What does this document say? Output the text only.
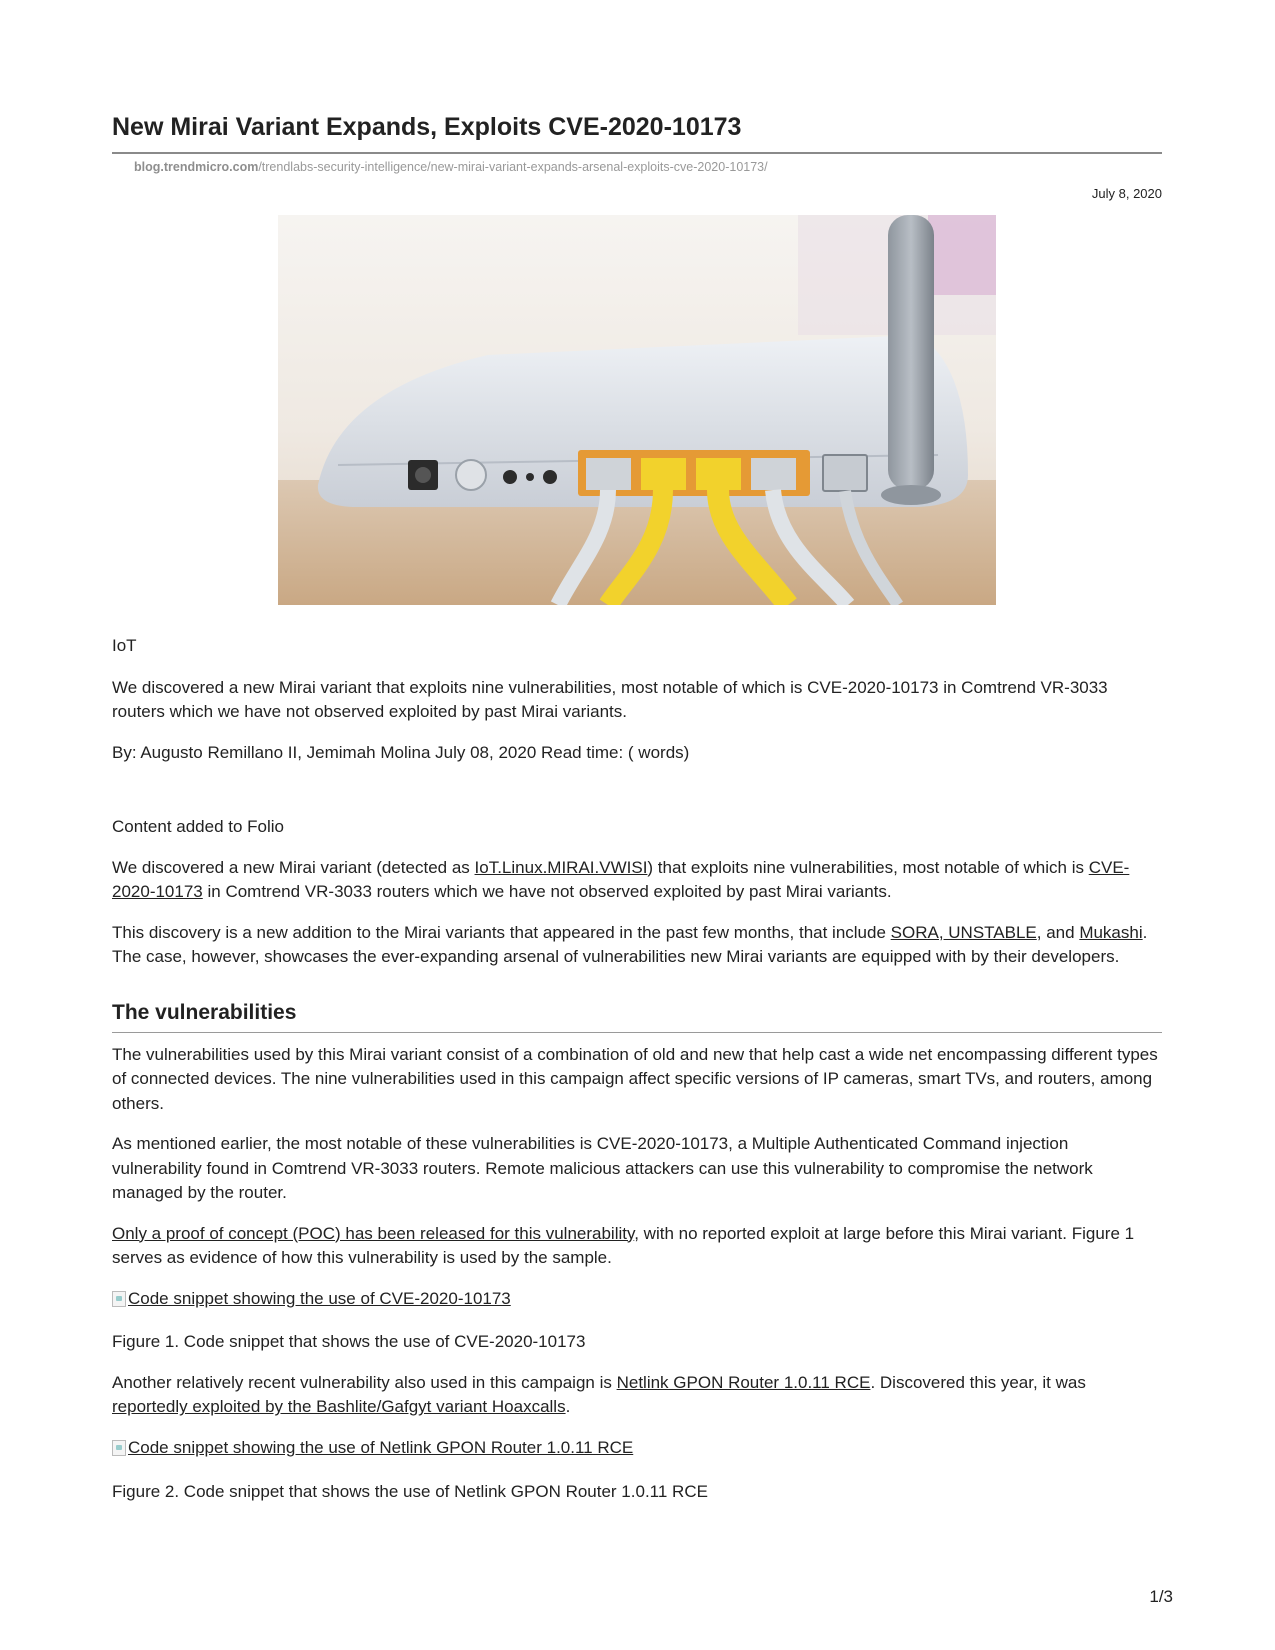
New Mirai Variant Expands, Exploits CVE-2020-10173
blog.trendmicro.com/trendlabs-security-intelligence/new-mirai-variant-expands-arsenal-exploits-cve-2020-10173/
July 8, 2020

IoT

We discovered a new Mirai variant that exploits nine vulnerabilities, most notable of which is CVE-2020-10173 in Comtrend VR-3033 routers which we have not observed exploited by past Mirai variants.

By: Augusto Remillano II, Jemimah Molina July 08, 2020 Read time: ( words)

Content added to Folio

We discovered a new Mirai variant (detected as IoT.Linux.MIRAI.VWISI) that exploits nine vulnerabilities, most notable of which is CVE-2020-10173 in Comtrend VR-3033 routers which we have not observed exploited by past Mirai variants.

This discovery is a new addition to the Mirai variants that appeared in the past few months, that include SORA, UNSTABLE, and Mukashi. The case, however, showcases the ever-expanding arsenal of vulnerabilities new Mirai variants are equipped with by their developers.

The vulnerabilities

The vulnerabilities used by this Mirai variant consist of a combination of old and new that help cast a wide net encompassing different types of connected devices. The nine vulnerabilities used in this campaign affect specific versions of IP cameras, smart TVs, and routers, among others.

As mentioned earlier, the most notable of these vulnerabilities is CVE-2020-10173, a Multiple Authenticated Command injection vulnerability found in Comtrend VR-3033 routers. Remote malicious attackers can use this vulnerability to compromise the network managed by the router.

Only a proof of concept (POC) has been released for this vulnerability, with no reported exploit at large before this Mirai variant. Figure 1 serves as evidence of how this vulnerability is used by the sample.

Code snippet showing the use of CVE-2020-10173

Figure 1. Code snippet that shows the use of CVE-2020-10173

Another relatively recent vulnerability also used in this campaign is Netlink GPON Router 1.0.11 RCE. Discovered this year, it was reportedly exploited by the Bashlite/Gafgyt variant Hoaxcalls.

Code snippet showing the use of Netlink GPON Router 1.0.11 RCE

Figure 2. Code snippet that shows the use of Netlink GPON Router 1.0.11 RCE

1/3
